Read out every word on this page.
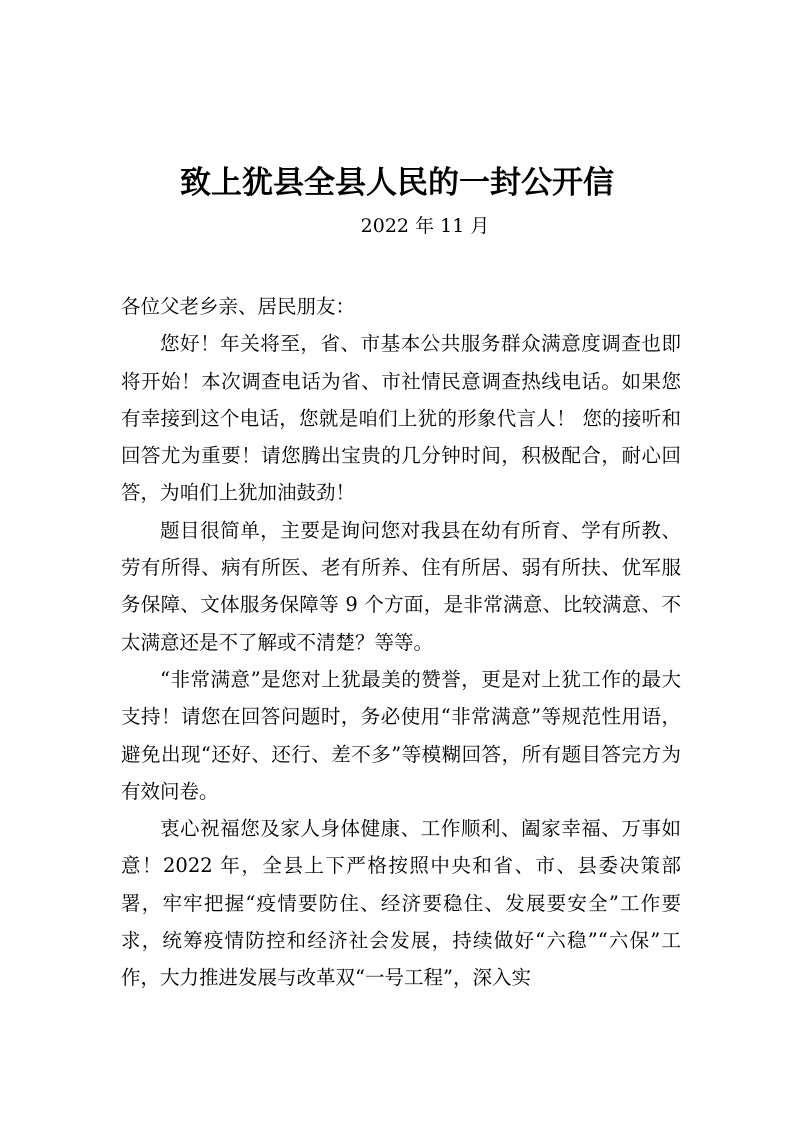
致上犹县全县人民的一封公开信
2022 年 11 月

各位父老乡亲、居民朋友：

您好！年关将至，省、市基本公共服务群众满意度调查也即将开始！本次调查电话为省、市社情民意调查热线电话。如果您有幸接到这个电话，您就是咱们上犹的形象代言人！ 您的接听和回答尤为重要！请您腾出宝贵的几分钟时间，积极配合，耐心回答，为咱们上犹加油鼓劲！

题目很简单，主要是询问您对我县在幼有所育、学有所教、劳有所得、病有所医、老有所养、住有所居、弱有所扶、优军服务保障、文体服务保障等 9 个方面，是非常满意、比较满意、不太满意还是不了解或不清楚？等等。

“非常满意”是您对上犹最美的赞誉，更是对上犹工作的最大支持！请您在回答问题时，务必使用“非常满意”等规范性用语，避免出现“还好、还行、差不多”等模糊回答，所有题目答完方为有效问卷。

衷心祝福您及家人身体健康、工作顺利、阖家幸福、万事如意！2022 年，全县上下严格按照中央和省、市、县委决策部署，牢牢把握“疫情要防住、经济要稳住、发展要安全”工作要求，统筹疫情防控和经济社会发展，持续做好“六稳”“六保”工作，大力推进发展与改革双“一号工程”，深入实
